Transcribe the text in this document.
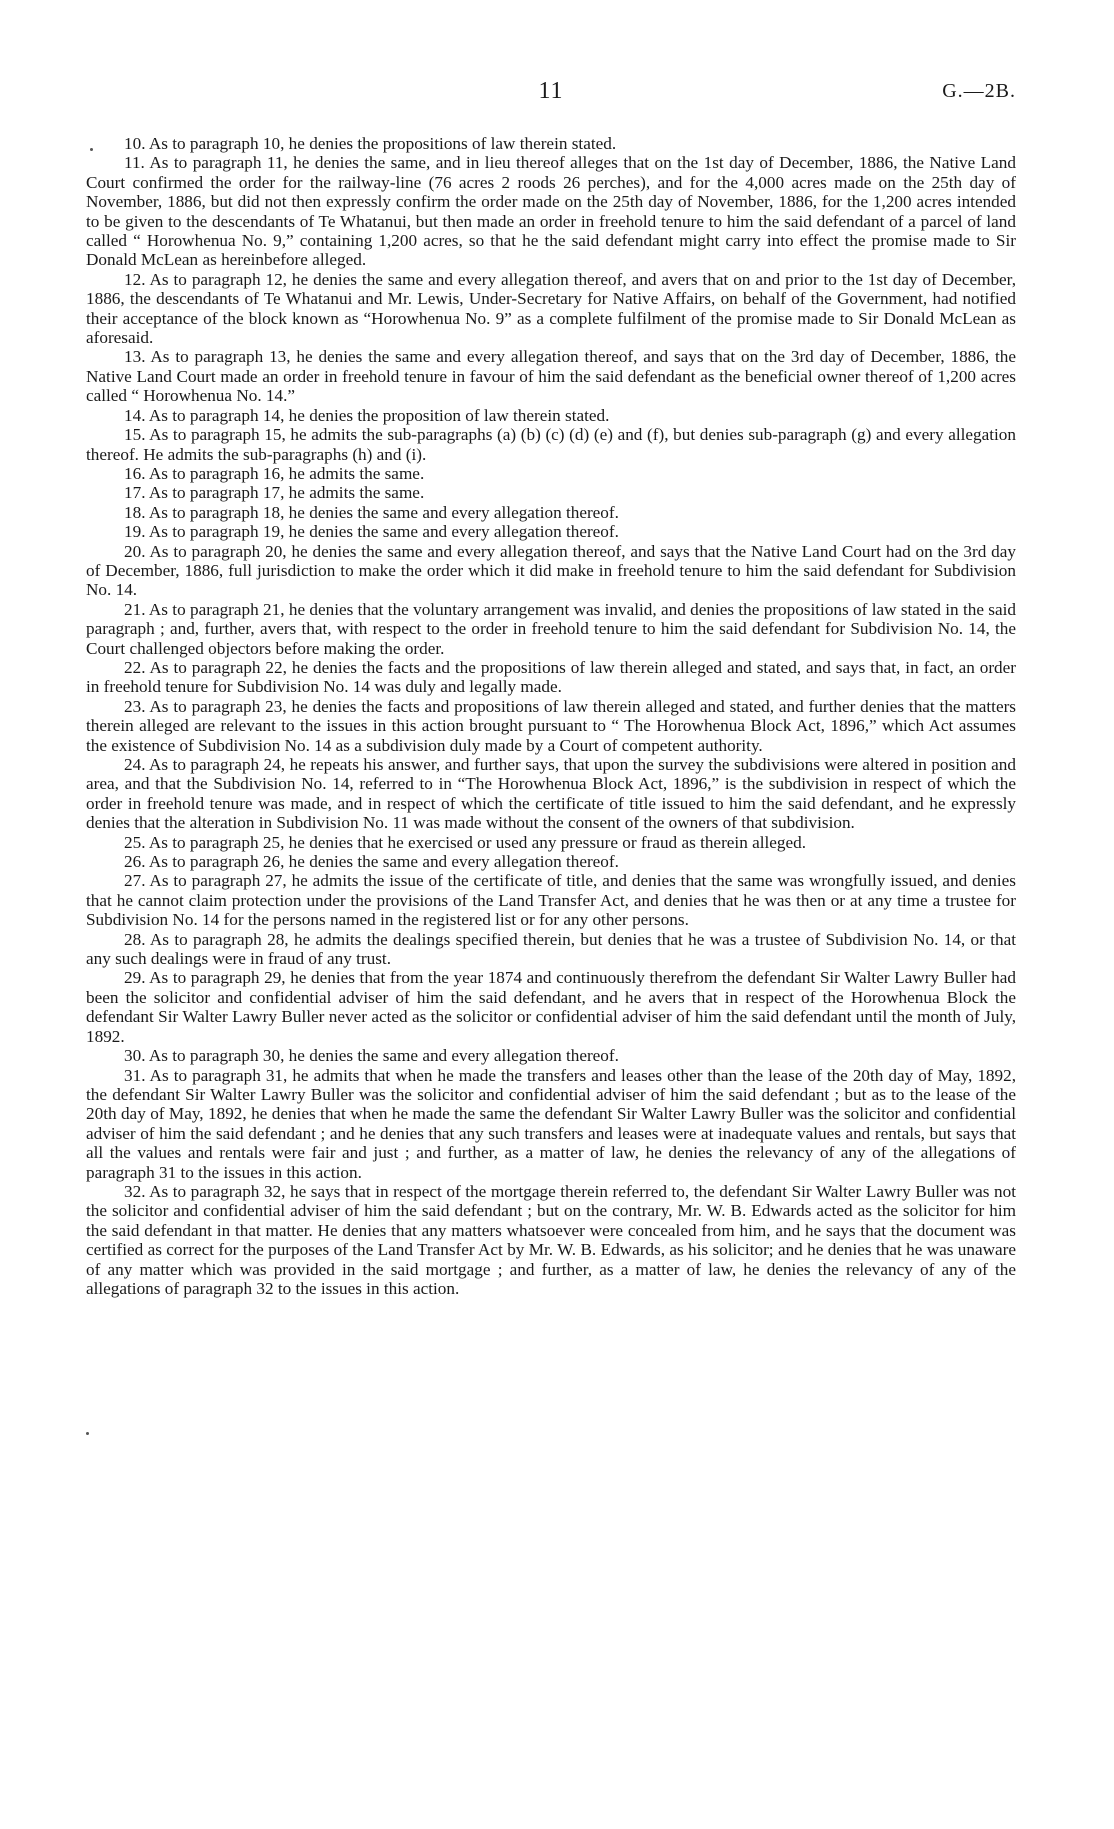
11	G.—2B.

10. As to paragraph 10, he denies the propositions of law therein stated.

11. As to paragraph 11, he denies the same, and in lieu thereof alleges that on the 1st day of December, 1886, the Native Land Court confirmed the order for the railway-line (76 acres 2 roods 26 perches), and for the 4,000 acres made on the 25th day of November, 1886, but did not then expressly confirm the order made on the 25th day of November, 1886, for the 1,200 acres intended to be given to the descendants of Te Whatanui, but then made an order in freehold tenure to him the said defendant of a parcel of land called “ Horowhenua No. 9,” containing 1,200 acres, so that he the said defendant might carry into effect the promise made to Sir Donald McLean as hereinbefore alleged.

12. As to paragraph 12, he denies the same and every allegation thereof, and avers that on and prior to the 1st day of December, 1886, the descendants of Te Whatanui and Mr. Lewis, Under-Secretary for Native Affairs, on behalf of the Government, had notified their acceptance of the block known as “Horowhenua No. 9” as a complete fulfilment of the promise made to Sir Donald McLean as aforesaid.

13. As to paragraph 13, he denies the same and every allegation thereof, and says that on the 3rd day of December, 1886, the Native Land Court made an order in freehold tenure in favour of him the said defendant as the beneficial owner thereof of 1,200 acres called “ Horowhenua No. 14.”

14. As to paragraph 14, he denies the proposition of law therein stated.

15. As to paragraph 15, he admits the sub-paragraphs (a) (b) (c) (d) (e) and (f), but denies sub-paragraph (g) and every allegation thereof. He admits the sub-paragraphs (h) and (i).

16. As to paragraph 16, he admits the same.

17. As to paragraph 17, he admits the same.

18. As to paragraph 18, he denies the same and every allegation thereof.

19. As to paragraph 19, he denies the same and every allegation thereof.

20. As to paragraph 20, he denies the same and every allegation thereof, and says that the Native Land Court had on the 3rd day of December, 1886, full jurisdiction to make the order which it did make in freehold tenure to him the said defendant for Subdivision No. 14.

21. As to paragraph 21, he denies that the voluntary arrangement was invalid, and denies the propositions of law stated in the said paragraph ; and, further, avers that, with respect to the order in freehold tenure to him the said defendant for Subdivision No. 14, the Court challenged objectors before making the order.

22. As to paragraph 22, he denies the facts and the propositions of law therein alleged and stated, and says that, in fact, an order in freehold tenure for Subdivision No. 14 was duly and legally made.

23. As to paragraph 23, he denies the facts and propositions of law therein alleged and stated, and further denies that the matters therein alleged are relevant to the issues in this action brought pursuant to “ The Horowhenua Block Act, 1896,” which Act assumes the existence of Subdivision No. 14 as a subdivision duly made by a Court of competent authority.

24. As to paragraph 24, he repeats his answer, and further says, that upon the survey the subdivisions were altered in position and area, and that the Subdivision No. 14, referred to in “The Horowhenua Block Act, 1896,” is the subdivision in respect of which the order in freehold tenure was made, and in respect of which the certificate of title issued to him the said defendant, and he expressly denies that the alteration in Subdivision No. 11 was made without the consent of the owners of that subdivision.

25. As to paragraph 25, he denies that he exercised or used any pressure or fraud as therein alleged.

26. As to paragraph 26, he denies the same and every allegation thereof.

27. As to paragraph 27, he admits the issue of the certificate of title, and denies that the same was wrongfully issued, and denies that he cannot claim protection under the provisions of the Land Transfer Act, and denies that he was then or at any time a trustee for Subdivision No. 14 for the persons named in the registered list or for any other persons.

28. As to paragraph 28, he admits the dealings specified therein, but denies that he was a trustee of Subdivision No. 14, or that any such dealings were in fraud of any trust.

29. As to paragraph 29, he denies that from the year 1874 and continuously therefrom the defendant Sir Walter Lawry Buller had been the solicitor and confidential adviser of him the said defendant, and he avers that in respect of the Horowhenua Block the defendant Sir Walter Lawry Buller never acted as the solicitor or confidential adviser of him the said defendant until the month of July, 1892.

30. As to paragraph 30, he denies the same and every allegation thereof.

31. As to paragraph 31, he admits that when he made the transfers and leases other than the lease of the 20th day of May, 1892, the defendant Sir Walter Lawry Buller was the solicitor and confidential adviser of him the said defendant ; but as to the lease of the 20th day of May, 1892, he denies that when he made the same the defendant Sir Walter Lawry Buller was the solicitor and confidential adviser of him the said defendant ; and he denies that any such transfers and leases were at inadequate values and rentals, but says that all the values and rentals were fair and just ; and further, as a matter of law, he denies the relevancy of any of the allegations of paragraph 31 to the issues in this action.

32. As to paragraph 32, he says that in respect of the mortgage therein referred to, the defendant Sir Walter Lawry Buller was not the solicitor and confidential adviser of him the said defendant ; but on the contrary, Mr. W. B. Edwards acted as the solicitor for him the said defendant in that matter. He denies that any matters whatsoever were concealed from him, and he says that the document was certified as correct for the purposes of the Land Transfer Act by Mr. W. B. Edwards, as his solicitor; and he denies that he was unaware of any matter which was provided in the said mortgage ; and further, as a matter of law, he denies the relevancy of any of the allegations of paragraph 32 to the issues in this action.
